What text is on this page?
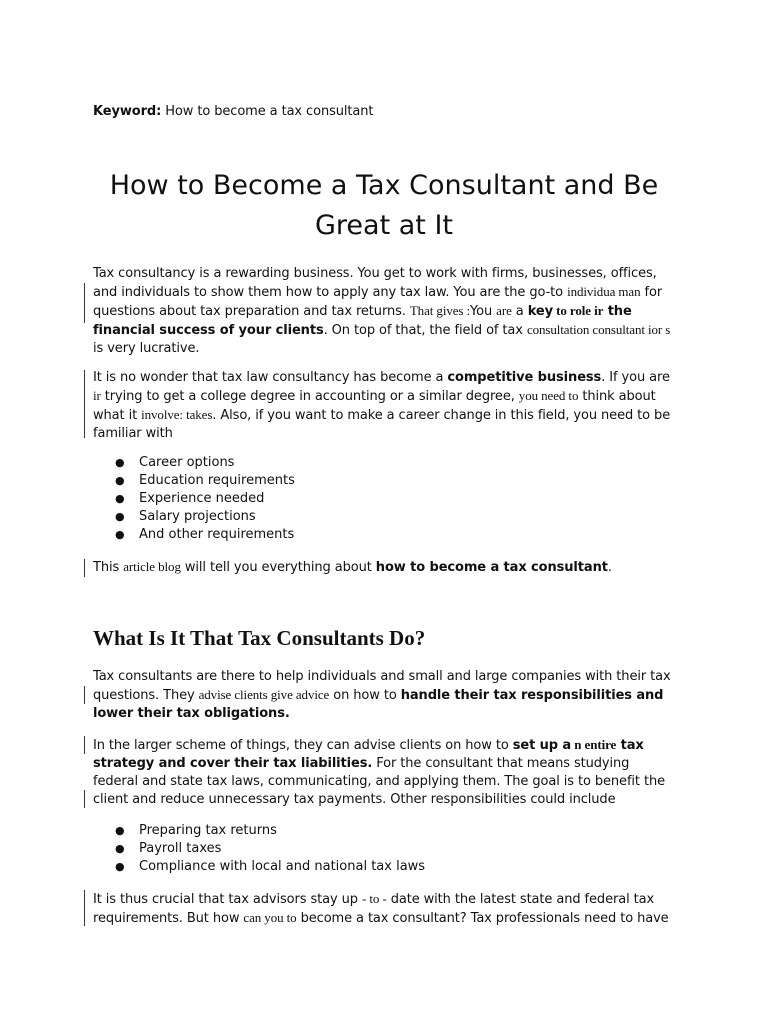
Keyword: How to become a tax consultant
How to Become a Tax Consultant and Be Great at It

Tax consultancy is a rewarding business. You get to work with firms, businesses, offices, and individuals to show them how to apply any tax law. You are the go-to individua man for questions about tax preparation and tax returns. That gives :You are a key to role ir the financial success of your clients. On top of that, the field of tax consultation consultant ior s is very lucrative.

It is no wonder that tax law consultancy has become a competitive business. If you are ir trying to get a college degree in accounting or a similar degree, you need to think about what it involve: takes. Also, if you want to make a career change in this field, you need to be familiar with

● Career options
● Education requirements
● Experience needed
● Salary projections
● And other requirements

This article blog will tell you everything about how to become a tax consultant.

What Is It That Tax Consultants Do?

Tax consultants are there to help individuals and small and large companies with their tax questions. They advise clients give advice on how to handle their tax responsibilities and lower their tax obligations.

In the larger scheme of things, they can advise clients on how to set up a n entire tax strategy and cover their tax liabilities. For the consultant that means studying federal and state tax laws, communicating, and applying them. The goal is to benefit the client and reduce unnecessary tax payments. Other responsibilities could include

● Preparing tax returns
● Payroll taxes
● Compliance with local and national tax laws

It is thus crucial that tax advisors stay up - to - date with the latest state and federal tax requirements. But how can you to become a tax consultant? Tax professionals need to have
